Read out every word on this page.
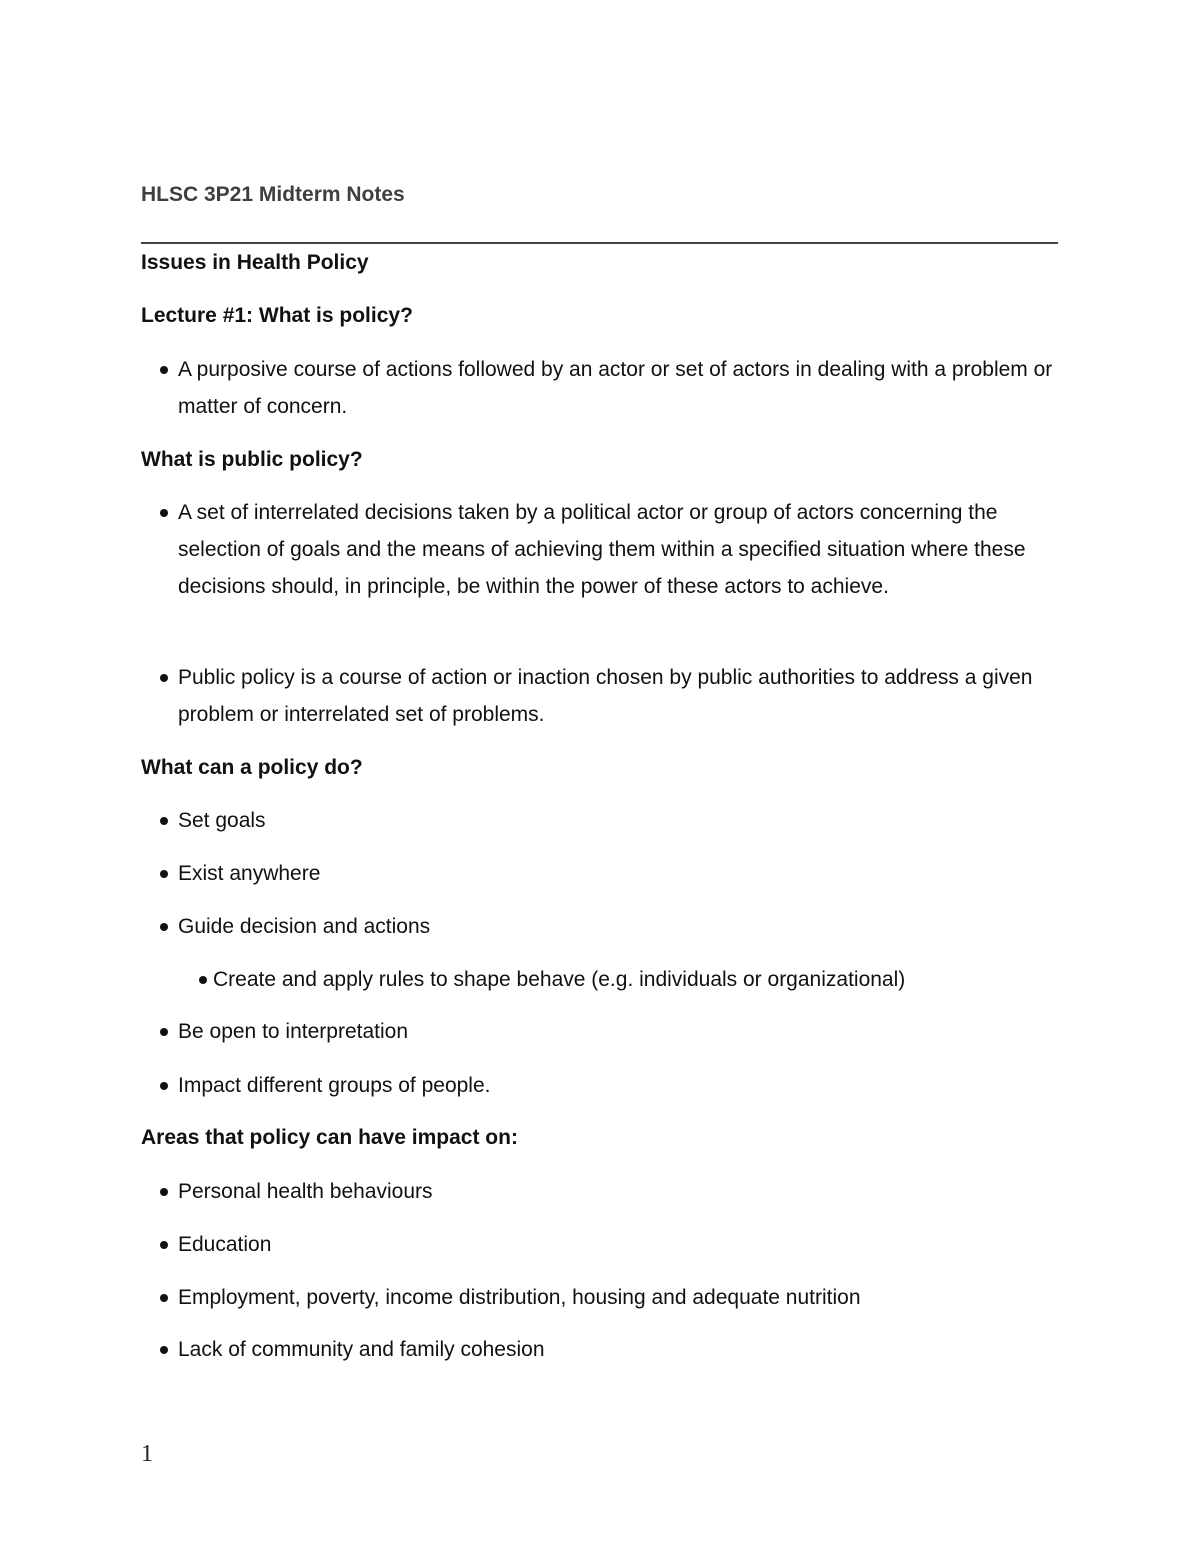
HLSC 3P21 Midterm Notes
Issues in Health Policy
Lecture #1: What is policy?
A purposive course of actions followed by an actor or set of actors in dealing with a problem or matter of concern.
What is public policy?
A set of interrelated decisions taken by a political actor or group of actors concerning the selection of goals and the means of achieving them within a specified situation where these decisions should, in principle, be within the power of these actors to achieve.
Public policy is a course of action or inaction chosen by public authorities to address a given problem or interrelated set of problems.
What can a policy do?
Set goals
Exist anywhere
Guide decision and actions
Create and apply rules to shape behave (e.g. individuals or organizational)
Be open to interpretation
Impact different groups of people.
Areas that policy can have impact on:
Personal health behaviours
Education
Employment, poverty, income distribution, housing and adequate nutrition
Lack of community and family cohesion
1
